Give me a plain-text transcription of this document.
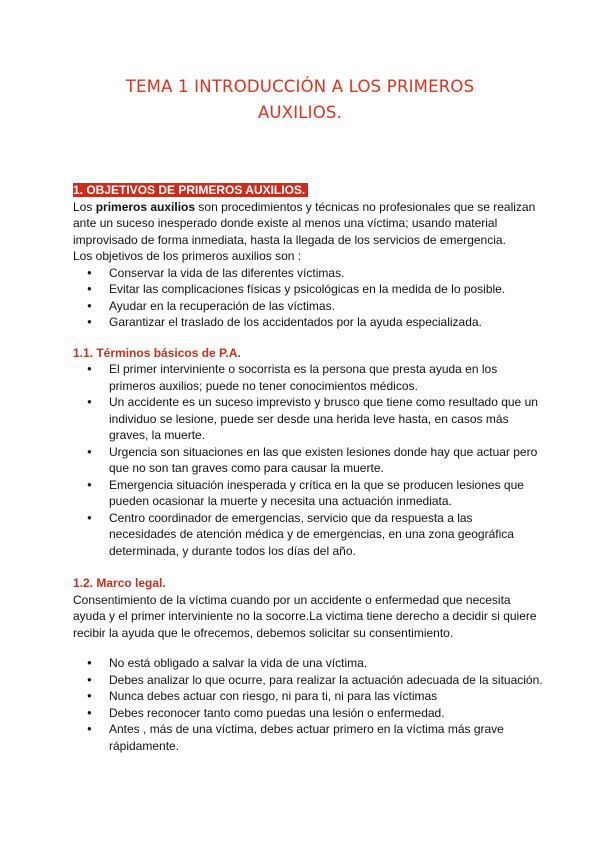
TEMA 1 INTRODUCCIÓN A LOS PRIMEROS
AUXILIOS.
1. OBJETIVOS DE PRIMEROS AUXILIOS.

Los primeros auxilios son procedimientos y técnicas no profesionales que se realizan ante un suceso inesperado donde existe al menos una víctima; usando material improvisado de forma inmediata, hasta la llegada de los servicios de emergencia.

Los objetivos de los primeros auxilios son :

● Conservar la vida de las diferentes víctimas.
● Evitar las complicaciones físicas y psicológicas en la medida de lo posible.
● Ayudar en la recuperación de las víctimas.
● Garantizar el traslado de los accidentados por la ayuda especializada.

1.1. Términos básicos de P.A.

● El primer interviniente o socorrista es la persona que presta ayuda en los primeros auxilios; puede no tener conocimientos médicos.
● Un accidente es un suceso imprevisto y brusco que tiene como resultado que un individuo se lesione, puede ser desde una herida leve hasta, en casos más graves, la muerte.
● Urgencia son situaciones en las que existen lesiones donde hay que actuar pero que no son tan graves como para causar la muerte.
● Emergencia situación inesperada y crítica en la que se producen lesiones que pueden ocasionar la muerte y necesita una actuación inmediata.
● Centro coordinador de emergencias, servicio que da respuesta a las necesidades de atención médica y de emergencias, en una zona geográfica determinada, y durante todos los días del año.

1.2. Marco legal.

Consentimiento de la víctima cuando por un accidente o enfermedad que necesita ayuda y el primer interviniente no la socorre.La victima tiene derecho a decidir si quiere recibir la ayuda que le ofrecemos, debemos solicitar su consentimiento.

● No está obligado a salvar la vida de una víctima.
● Debes analizar lo que ocurre, para realizar la actuación adecuada de la situación.
● Nunca debes actuar con riesgo, ni para ti, ni para las víctimas
● Debes reconocer tanto como puedas una lesión o enfermedad.
● Antes , más de una víctima, debes actuar primero en la víctima más grave rápidamente.
